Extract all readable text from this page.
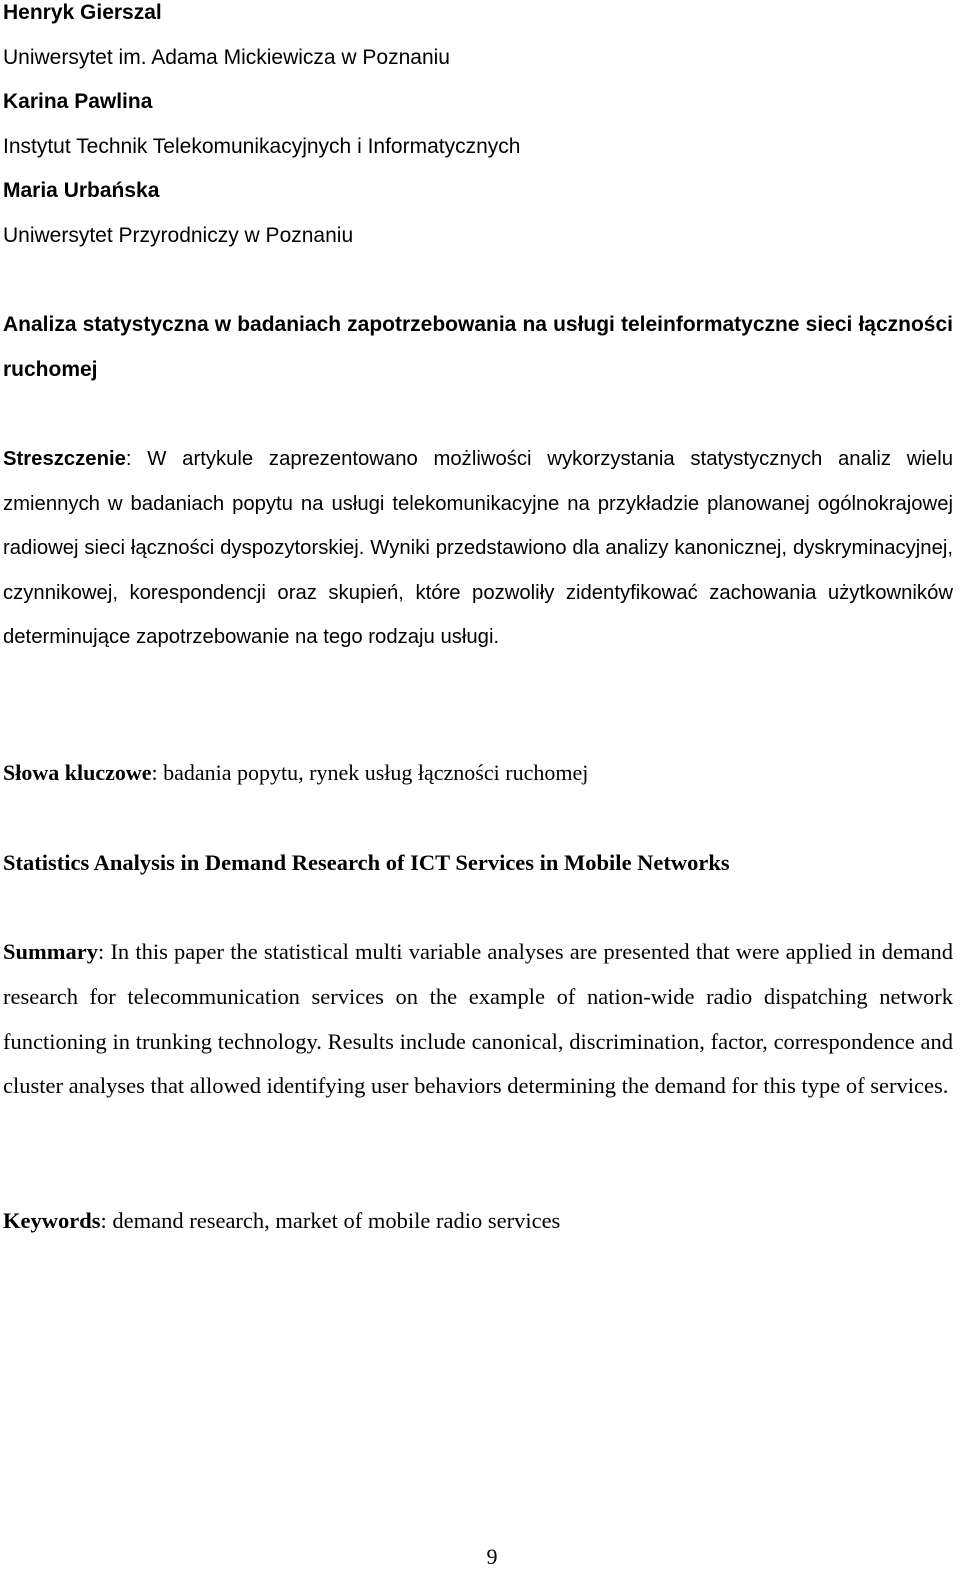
Henryk Gierszal
Uniwersytet im. Adama Mickiewicza w Poznaniu
Karina Pawlina
Instytut Technik Telekomunikacyjnych i Informatycznych
Maria Urbańska
Uniwersytet Przyrodniczy w Poznaniu
Analiza statystyczna w badaniach zapotrzebowania na usługi teleinformatyczne sieci łączności ruchomej
Streszczenie: W artykule zaprezentowano możliwości wykorzystania statystycznych analiz wielu zmiennych w badaniach popytu na usługi telekomunikacyjne na przykładzie planowanej ogólnokrajowej radiowej sieci łączności dyspozytorskiej. Wyniki przedstawiono dla analizy kanonicznej, dyskryminacyjnej, czynnikowej, korespondencji oraz skupień, które pozwoliły zidentyfikować zachowania użytkowników determinujące zapotrzebowanie na tego rodzaju usługi.
Słowa kluczowe: badania popytu, rynek usług łączności ruchomej
Statistics Analysis in Demand Research of ICT Services in Mobile Networks
Summary: In this paper the statistical multi variable analyses are presented that were applied in demand research for telecommunication services on the example of nation-wide radio dispatching network functioning in trunking technology. Results include canonical, discrimination, factor, correspondence and cluster analyses that allowed identifying user behaviors determining the demand for this type of services.
Keywords: demand research, market of mobile radio services
9
